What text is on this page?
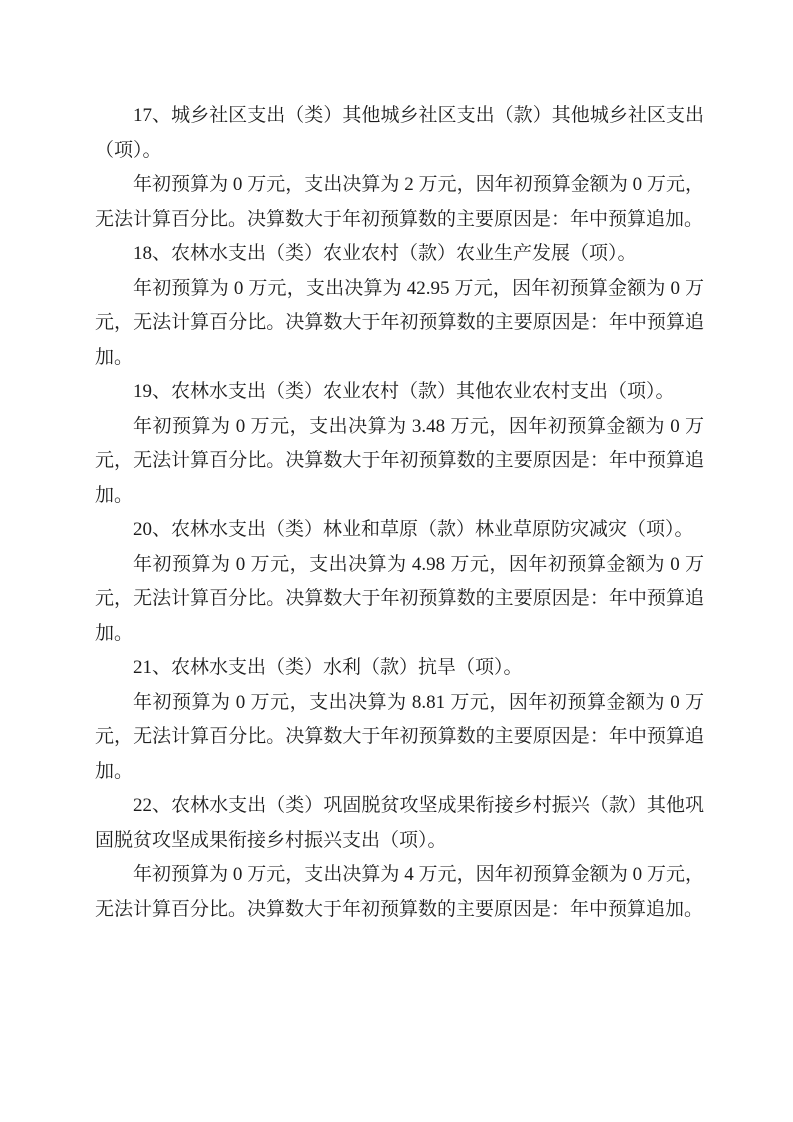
17、城乡社区支出（类）其他城乡社区支出（款）其他城乡社区支出（项）。

年初预算为 0 万元，支出决算为 2 万元，因年初预算金额为 0 万元，无法计算百分比。决算数大于年初预算数的主要原因是：年中预算追加。

18、农林水支出（类）农业农村（款）农业生产发展（项）。

年初预算为 0 万元，支出决算为 42.95 万元，因年初预算金额为 0 万元，无法计算百分比。决算数大于年初预算数的主要原因是：年中预算追加。

19、农林水支出（类）农业农村（款）其他农业农村支出（项）。

年初预算为 0 万元，支出决算为 3.48 万元，因年初预算金额为 0 万元，无法计算百分比。决算数大于年初预算数的主要原因是：年中预算追加。

20、农林水支出（类）林业和草原（款）林业草原防灾减灾（项）。

年初预算为 0 万元，支出决算为 4.98 万元，因年初预算金额为 0 万元，无法计算百分比。决算数大于年初预算数的主要原因是：年中预算追加。

21、农林水支出（类）水利（款）抗旱（项）。

年初预算为 0 万元，支出决算为 8.81 万元，因年初预算金额为 0 万元，无法计算百分比。决算数大于年初预算数的主要原因是：年中预算追加。

22、农林水支出（类）巩固脱贫攻坚成果衔接乡村振兴（款）其他巩固脱贫攻坚成果衔接乡村振兴支出（项）。

年初预算为 0 万元，支出决算为 4 万元，因年初预算金额为 0 万元，无法计算百分比。决算数大于年初预算数的主要原因是：年中预算追加。
